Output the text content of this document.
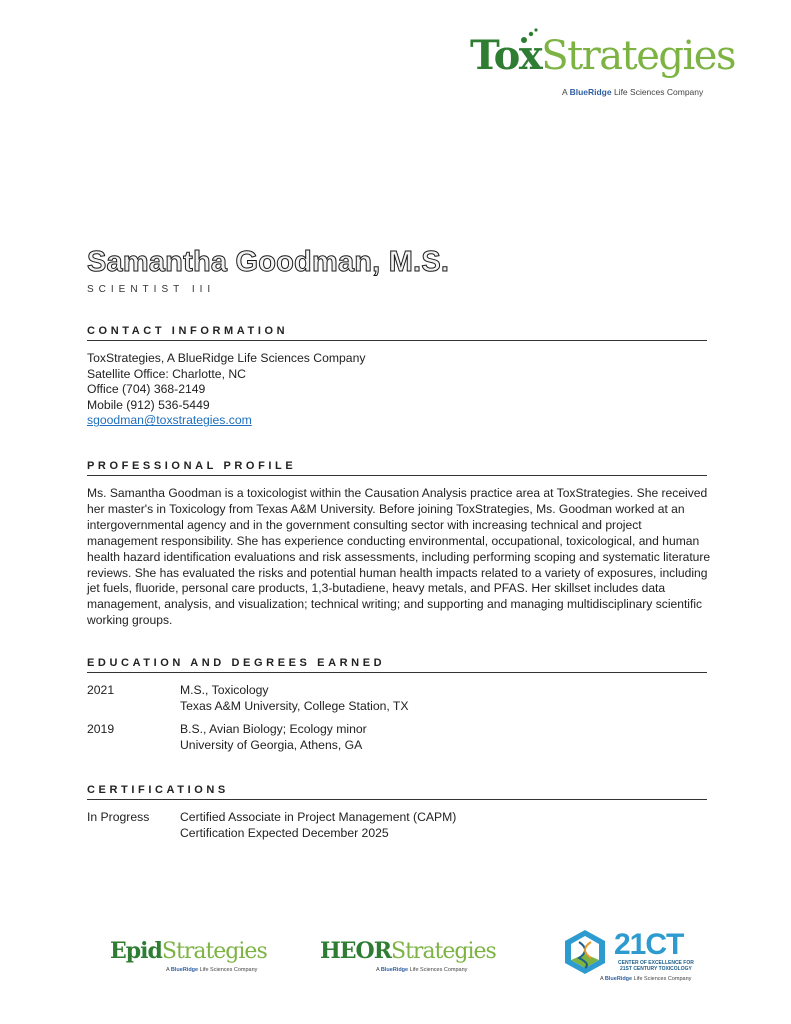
ToxStrategies
A BlueRidge Life Sciences Company
Samantha Goodman, M.S.
SCIENTIST III
CONTACT INFORMATION
ToxStrategies, A BlueRidge Life Sciences Company
Satellite Office: Charlotte, NC
Office (704) 368-2149
Mobile (912) 536-5449
sgoodman@toxstrategies.com
PROFESSIONAL PROFILE
Ms. Samantha Goodman is a toxicologist within the Causation Analysis practice area at ToxStrategies. She received her master's in Toxicology from Texas A&M University. Before joining ToxStrategies, Ms. Goodman worked at an intergovernmental agency and in the government consulting sector with increasing technical and project management responsibility. She has experience conducting environmental, occupational, toxicological, and human health hazard identification evaluations and risk assessments, including performing scoping and systematic literature reviews. She has evaluated the risks and potential human health impacts related to a variety of exposures, including jet fuels, fluoride, personal care products, 1,3-butadiene, heavy metals, and PFAS. Her skillset includes data management, analysis, and visualization; technical writing; and supporting and managing multidisciplinary scientific working groups.
EDUCATION AND DEGREES EARNED
2021	M.S., Toxicology
Texas A&M University, College Station, TX
2019	B.S., Avian Biology; Ecology minor
University of Georgia, Athens, GA
CERTIFICATIONS
In Progress	Certified Associate in Project Management (CAPM)
Certification Expected December 2025
EpidStrategies
A BlueRidge Life Sciences Company
HEORStrategies
A BlueRidge Life Sciences Company
21CT
CENTER OF EXCELLENCE FOR
21ST CENTURY TOXICOLOGY
A BlueRidge Life Sciences Company
